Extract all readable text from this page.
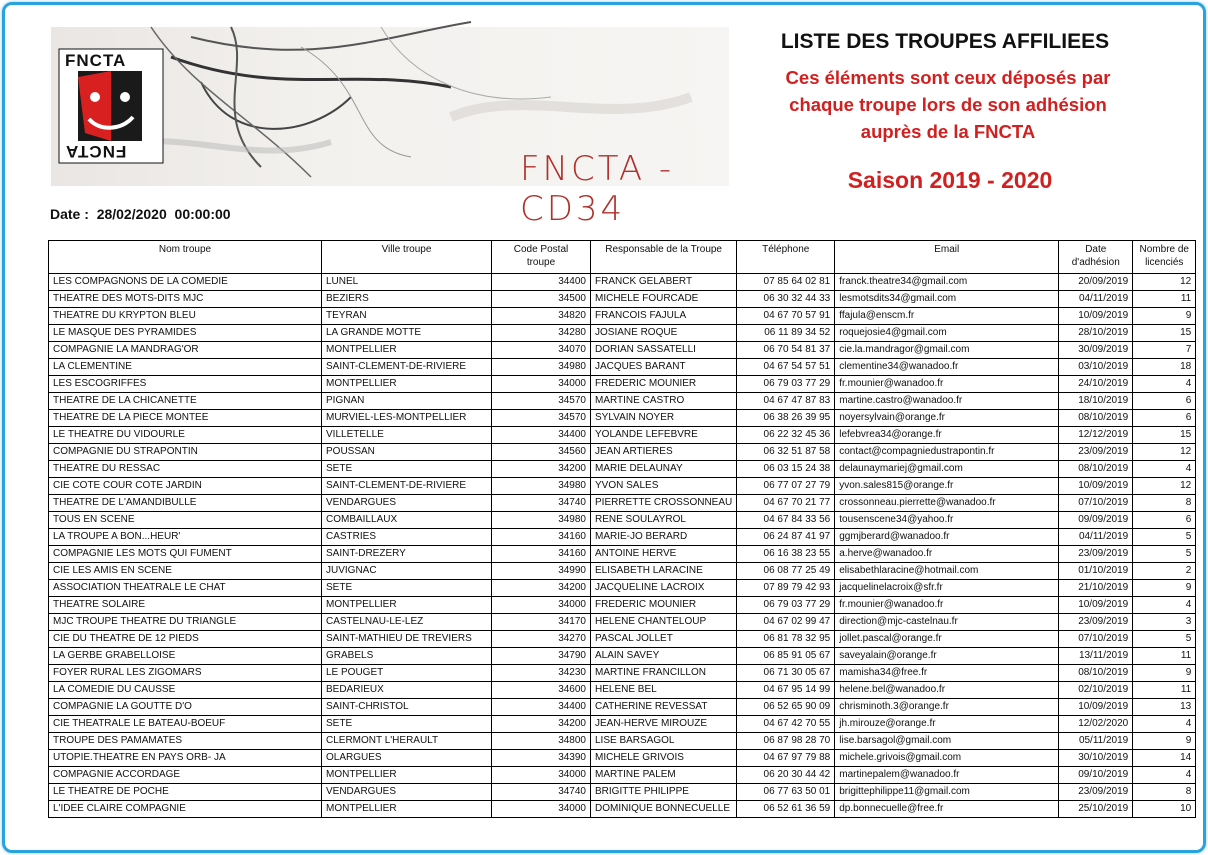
FNCTA
FNCTA	FNCTA - CD34
LISTE DES TROUPES AFFILIEES
Ces éléments sont ceux déposés par
chaque troupe lors de son adhésion
auprès de la FNCTA
Saison 2019 - 2020
Date : 28/02/2020  00:00:00
Nom troupe	Ville troupe	Code Postal troupe	Responsable de la Troupe	Téléphone	Email	Date d'adhésion	Nombre de licenciés
LES COMPAGNONS DE LA COMEDIE	LUNEL	34400	FRANCK GELABERT	07 85 64 02 81	franck.theatre34@gmail.com	20/09/2019	12
THEATRE DES MOTS-DITS MJC	BEZIERS	34500	MICHELE FOURCADE	06 30 32 44 33	lesmotsdits34@gmail.com	04/11/2019	11
THEATRE DU KRYPTON BLEU	TEYRAN	34820	FRANCOIS FAJULA	04 67 70 57 91	ffajula@enscm.fr	10/09/2019	9
LE MASQUE DES PYRAMIDES	LA GRANDE MOTTE	34280	JOSIANE ROQUE	06 11 89 34 52	roquejosie4@gmail.com	28/10/2019	15
COMPAGNIE LA MANDRAG'OR	MONTPELLIER	34070	DORIAN SASSATELLI	06 70 54 81 37	cie.la.mandragor@gmail.com	30/09/2019	7
LA CLEMENTINE	SAINT-CLEMENT-DE-RIVIERE	34980	JACQUES BARANT	04 67 54 57 51	clementine34@wanadoo.fr	03/10/2019	18
LES ESCOGRIFFES	MONTPELLIER	34000	FREDERIC MOUNIER	06 79 03 77 29	fr.mounier@wanadoo.fr	24/10/2019	4
THEATRE DE LA CHICANETTE	PIGNAN	34570	MARTINE CASTRO	04 67 47 87 83	martine.castro@wanadoo.fr	18/10/2019	6
THEATRE DE LA PIECE MONTEE	MURVIEL-LES-MONTPELLIER	34570	SYLVAIN NOYER	06 38 26 39 95	noyersylvain@orange.fr	08/10/2019	6
LE THEATRE DU VIDOURLE	VILLETELLE	34400	YOLANDE LEFEBVRE	06 22 32 45 36	lefebvrea34@orange.fr	12/12/2019	15
COMPAGNIE DU STRAPONTIN	POUSSAN	34560	JEAN ARTIERES	06 32 51 87 58	contact@compagniedustrapontin.fr	23/09/2019	12
THEATRE DU RESSAC	SETE	34200	MARIE DELAUNAY	06 03 15 24 38	delaunaymariej@gmail.com	08/10/2019	4
CIE COTE COUR COTE JARDIN	SAINT-CLEMENT-DE-RIVIERE	34980	YVON SALES	06 77 07 27 79	yvon.sales815@orange.fr	10/09/2019	12
THEATRE DE L'AMANDIBULLE	VENDARGUES	34740	PIERRETTE CROSSONNEAU	04 67 70 21 77	crossonneau.pierrette@wanadoo.fr	07/10/2019	8
TOUS EN SCENE	COMBAILLAUX	34980	RENE SOULAYROL	04 67 84 33 56	tousenscene34@yahoo.fr	09/09/2019	6
LA TROUPE A BON...HEUR'	CASTRIES	34160	MARIE-JO BERARD	06 24 87 41 97	ggmjberard@wanadoo.fr	04/11/2019	5
COMPAGNIE LES MOTS QUI FUMENT	SAINT-DREZERY	34160	ANTOINE HERVE	06 16 38 23 55	a.herve@wanadoo.fr	23/09/2019	5
CIE LES AMIS EN SCENE	JUVIGNAC	34990	ELISABETH LARACINE	06 08 77 25 49	elisabethlaracine@hotmail.com	01/10/2019	2
ASSOCIATION THEATRALE LE CHAT	SETE	34200	JACQUELINE LACROIX	07 89 79 42 93	jacquelinelacroix@sfr.fr	21/10/2019	9
THEATRE SOLAIRE	MONTPELLIER	34000	FREDERIC MOUNIER	06 79 03 77 29	fr.mounier@wanadoo.fr	10/09/2019	4
MJC TROUPE THEATRE DU TRIANGLE	CASTELNAU-LE-LEZ	34170	HELENE CHANTELOUP	04 67 02 99 47	direction@mjc-castelnau.fr	23/09/2019	3
CIE DU THEATRE DE 12 PIEDS	SAINT-MATHIEU DE TREVIERS	34270	PASCAL JOLLET	06 81 78 32 95	jollet.pascal@orange.fr	07/10/2019	5
LA GERBE GRABELLOISE	GRABELS	34790	ALAIN SAVEY	06 85 91 05 67	saveyalain@orange.fr	13/11/2019	11
FOYER RURAL LES ZIGOMARS	LE POUGET	34230	MARTINE FRANCILLON	06 71 30 05 67	mamisha34@free.fr	08/10/2019	9
LA COMEDIE DU CAUSSE	BEDARIEUX	34600	HELENE BEL	04 67 95 14 99	helene.bel@wanadoo.fr	02/10/2019	11
COMPAGNIE LA GOUTTE D'O	SAINT-CHRISTOL	34400	CATHERINE REVESSAT	06 52 65 90 09	chrisminoth.3@orange.fr	10/09/2019	13
CIE THEATRALE LE BATEAU-BOEUF	SETE	34200	JEAN-HERVE MIROUZE	04 67 42 70 55	jh.mirouze@orange.fr	12/02/2020	4
TROUPE DES PAMAMATES	CLERMONT L'HERAULT	34800	LISE BARSAGOL	06 87 98 28 70	lise.barsagol@gmail.com	05/11/2019	9
UTOPIE.THEATRE EN PAYS ORB- JA	OLARGUES	34390	MICHELE GRIVOIS	04 67 97 79 88	michele.grivois@gmail.com	30/10/2019	14
COMPAGNIE ACCORDAGE	MONTPELLIER	34000	MARTINE PALEM	06 20 30 44 42	martinepalem@wanadoo.fr	09/10/2019	4
LE THEATRE DE POCHE	VENDARGUES	34740	BRIGITTE PHILIPPE	06 77 63 50 01	brigittephilippe11@gmail.com	23/09/2019	8
L'IDEE CLAIRE COMPAGNIE	MONTPELLIER	34000	DOMINIQUE BONNECUELLE	06 52 61 36 59	dp.bonnecuelle@free.fr	25/10/2019	10
